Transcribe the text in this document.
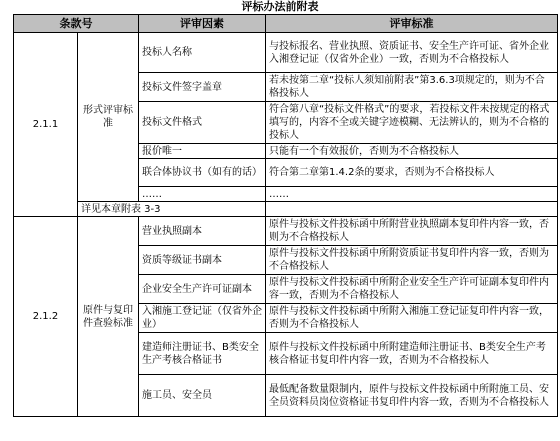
评标办法前附表
条款号		评审因素	评审标准
2.1.1	形式评审标　准	投标人名称	与投标报名、营业执照、资质证书、安全生产许可证、省外企业入湘登记证（仅省外企业）一致，否则为不合格投标人
		投标文件签字盖章	若未按第二章“投标人须知前附表”第3.6.3项规定的，则为不合格投标人
		投标文件格式	符合第八章“投标文件格式”的要求，若投标文件未按规定的格式填写的，内容不全或关键字迹模糊、无法辨认的，则为不合格的投标人
		报价唯一	只能有一个有效报价，否则为不合格投标人
		联合体协议书（如有的话）	符合第二章第1.4.2条的要求，否则为不合格投标人
		……	……
	详见本章附表 3-3		
2.1.2	原件与复印件查验标准	营业执照副本	原件与投标文件投标函中所附营业执照副本复印件内容一致，否则为不合格投标人
		资质等级证书副本	原件与投标文件投标函中所附资质证书复印件内容一致，否则为不合格投标人
		企业安全生产许可证副本	原件与投标文件投标函中所附企业安全生产许可证副本复印件内容一致，否则为不合格投标人
		入湘施工登记证（仅省外企业）	原件与投标文件投标函中所附入湘施工登记证复印件内容一致，否则为不合格投标人
		建造师注册证书、B类安全生产考核合格证书	原件与投标文件投标函中所附建造师注册证书、B类安全生产考核合格证书复印件内容一致，否则为不合格投标人
		施工员、安全员	最低配备数量限制内，原件与投标文件投标函中所附施工员、安全员资料员岗位资格证书复印件内容一致，否则为不合格投标人
